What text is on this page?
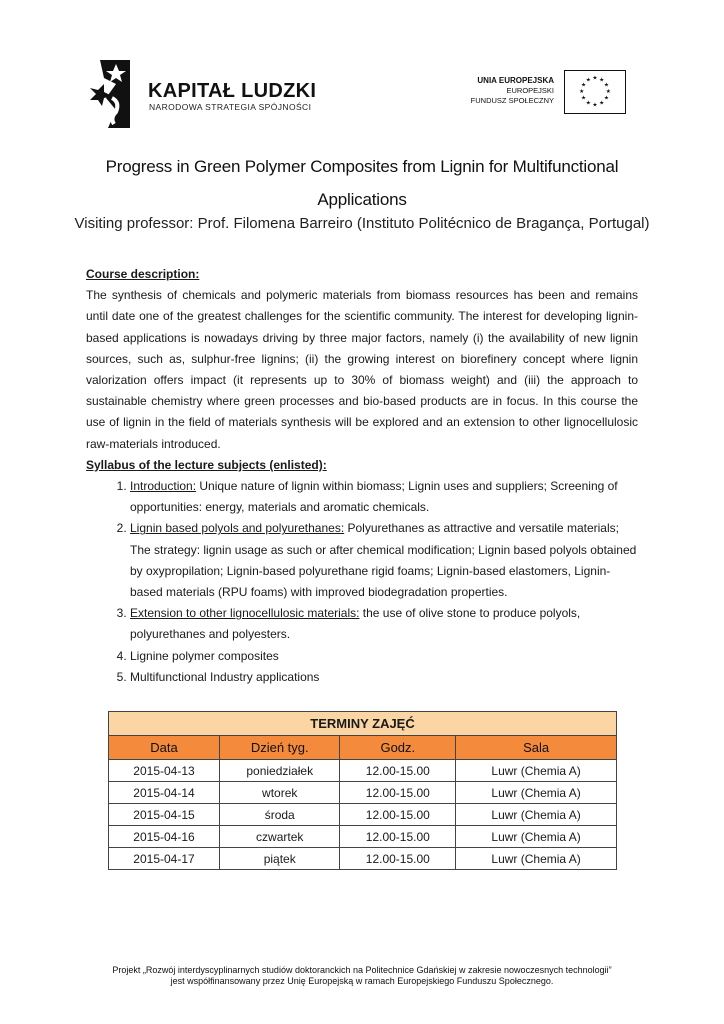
KAPITAŁ LUDZKI
NARODOWA STRATEGIA SPÓJNOŚCI
UNIA EUROPEJSKA
EUROPEJSKI
FUNDUSZ SPOŁECZNY
★ ★
★
★
★
★
★
★
★
★
★
★
Progress in Green Polymer Composites from Lignin for Multifunctional Applications
Visiting professor: Prof. Filomena Barreiro (Instituto Politécnico de Bragança, Portugal)
Course description:
The synthesis of chemicals and polymeric materials from biomass resources has been and remains until date one of the greatest challenges for the scientific community. The interest for developing lignin-based applications is nowadays driving by three major factors, namely (i) the availability of new lignin sources, such as, sulphur-free lignins; (ii) the growing interest on biorefinery concept where lignin valorization offers impact (it represents up to 30% of biomass weight) and (iii) the approach to sustainable chemistry where green processes and bio-based products are in focus. In this course the use of lignin in the field of materials synthesis will be explored and an extension to other lignocellulosic raw-materials introduced.
Syllabus of the lecture subjects (enlisted):
1. Introduction: Unique nature of lignin within biomass; Lignin uses and suppliers; Screening of opportunities: energy, materials and aromatic chemicals.
2. Lignin based polyols and polyurethanes: Polyurethanes as attractive and versatile materials; The strategy: lignin usage as such or after chemical modification; Lignin based polyols obtained by oxypropilation; Lignin-based polyurethane rigid foams; Lignin-based elastomers, Lignin-based materials (RPU foams) with improved biodegradation properties.
3. Extension to other lignocellulosic materials: the use of olive stone to produce polyols, polyurethanes and polyesters.
4. Lignine polymer composites
5. Multifunctional Industry applications
TERMINY ZAJĘĆ			
Data	Dzień tyg.	Godz.	Sala
2015-04-13	poniedziałek	12.00-15.00	Luwr (Chemia A)
2015-04-14	wtorek	12.00-15.00	Luwr (Chemia A)
2015-04-15	środa	12.00-15.00	Luwr (Chemia A)
2015-04-16	czwartek	12.00-15.00	Luwr (Chemia A)
2015-04-17	piątek	12.00-15.00	Luwr (Chemia A)
Projekt „Rozwój interdyscyplinarnych studiów doktoranckich na Politechnice Gdańskiej w zakresie nowoczesnych technologii”
jest współfinansowany przez Unię Europejską w ramach Europejskiego Funduszu Społecznego.
